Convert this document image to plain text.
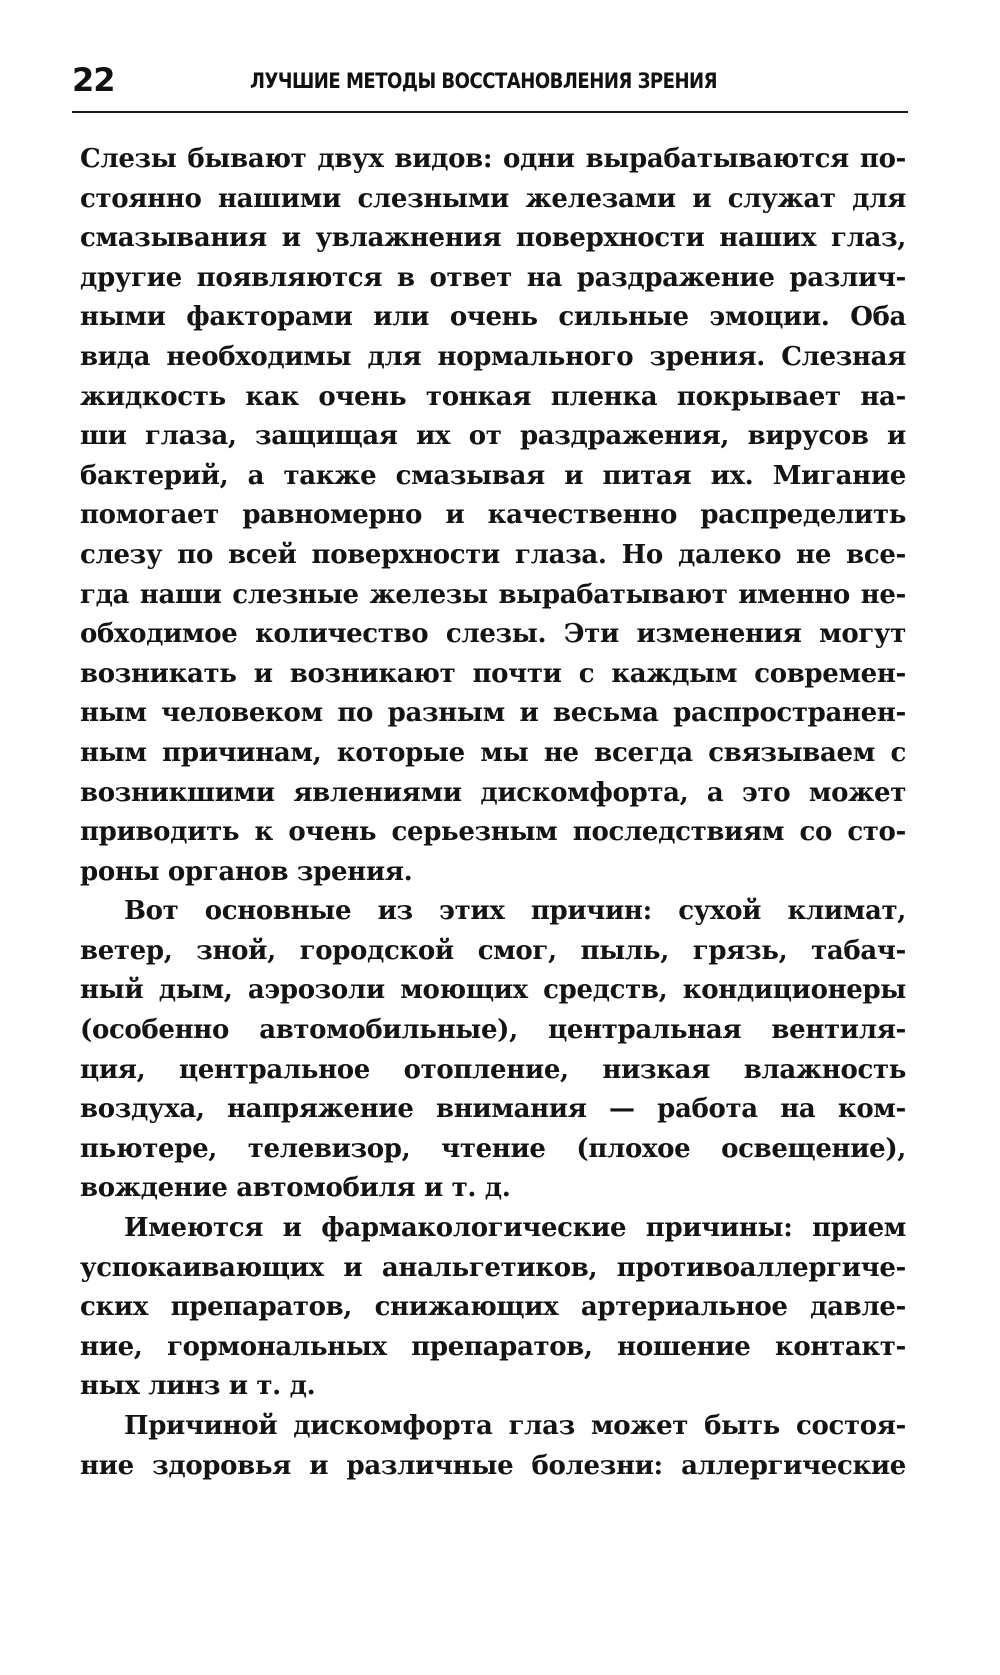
22	ЛУЧШИЕ МЕТОДЫ ВОССТАНОВЛЕНИЯ ЗРЕНИЯ
Слезы бывают двух видов: одни вырабатываются по-
стоянно нашими слезными железами и служат для
смазывания и увлажнения поверхности наших глаз,
другие появляются в ответ на раздражение различ-
ными факторами или очень сильные эмоции. Оба
вида необходимы для нормального зрения. Слезная
жидкость как очень тонкая пленка покрывает на-
ши глаза, защищая их от раздражения, вирусов и
бактерий, а также смазывая и питая их. Мигание
помогает равномерно и качественно распределить
слезу по всей поверхности глаза. Но далеко не все-
гда наши слезные железы вырабатывают именно не-
обходимое количество слезы. Эти изменения могут
возникать и возникают почти с каждым современ-
ным человеком по разным и весьма распространен-
ным причинам, которые мы не всегда связываем с
возникшими явлениями дискомфорта, а это может
приводить к очень серьезным последствиям со сто-
роны органов зрения.
Вот основные из этих причин: сухой климат,
ветер, зной, городской смог, пыль, грязь, табач-
ный дым, аэрозоли моющих средств, кондиционеры
(особенно автомобильные), центральная вентиля-
ция, центральное отопление, низкая влажность
воздуха, напряжение внимания — работа на ком-
пьютере, телевизор, чтение (плохое освещение),
вождение автомобиля и т. д.
Имеются и фармакологические причины: прием
успокаивающих и анальгетиков, противоаллергиче-
ских препаратов, снижающих артериальное давле-
ние, гормональных препаратов, ношение контакт-
ных линз и т. д.
Причиной дискомфорта глаз может быть состоя-
ние здоровья и различные болезни: аллергические
